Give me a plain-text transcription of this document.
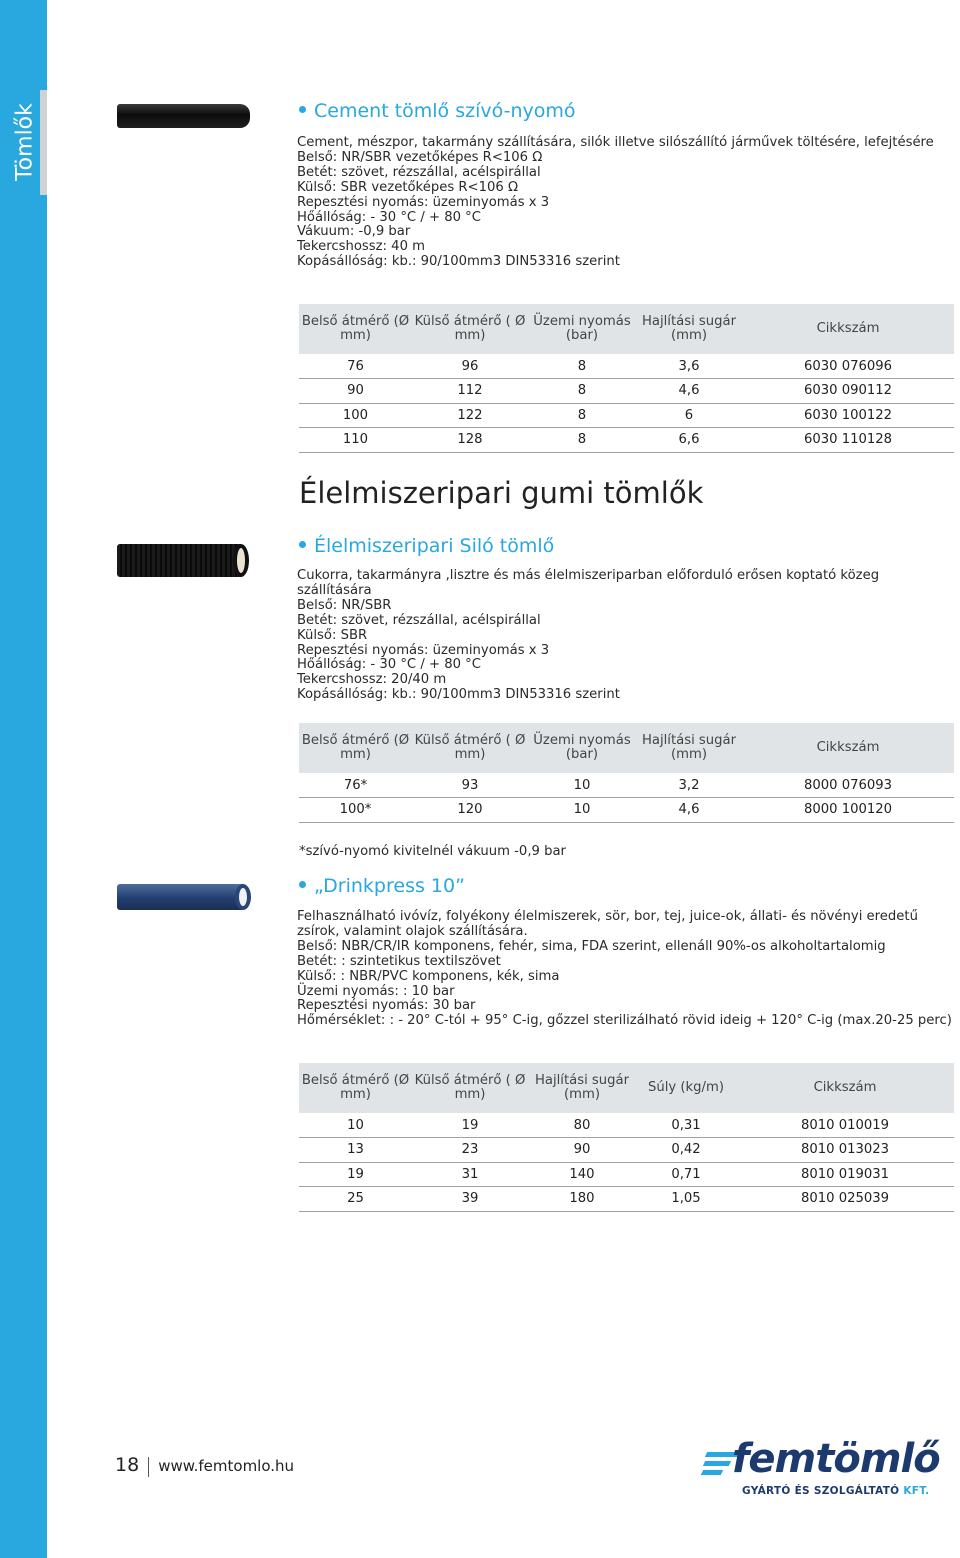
Tömlők	Cement tömlő szívó-nyomó
Cement, mészpor, takarmány szállítására, silók illetve silószállító járművek töltésére, lefejtésére
Belső: NR/SBR vezetőképes R<106 Ω
Betét: szövet, rézszállal, acélspirállal
Külső: SBR vezetőképes R<106 Ω
Repesztési nyomás: üzeminyomás x 3
Hőállóság: - 30 °C / + 80 °C
Vákuum: -0,9 bar
Tekercshossz: 40 m
Kopásállóság: kb.: 90/100mm3 DIN53316 szerint
Belső átmérő (Ø mm)	Külső átmérő ( Ø mm)	Üzemi nyomás (bar)	Hajlítási sugár (mm)	Cikkszám
76	96	8	3,6	6030 076096
90	112	8	4,6	6030 090112
100	122	8	6	6030 100122
110	128	8	6,6	6030 110128
Élelmiszeripari gumi tömlők
Élelmiszeripari Siló tömlő
Cukorra, takarmányra ,lisztre és más élelmiszeriparban előforduló erősen koptató közeg szállítására
Belső: NR/SBR
Betét: szövet, rézszállal, acélspirállal
Külső: SBR
Repesztési nyomás: üzeminyomás x 3
Hőállóság: - 30 °C / + 80 °C
Tekercshossz: 20/40 m
Kopásállóság: kb.: 90/100mm3 DIN53316 szerint
Belső átmérő (Ø mm)	Külső átmérő ( Ø mm)	Üzemi nyomás (bar)	Hajlítási sugár (mm)	Cikkszám
76*	93	10	3,2	8000 076093
100*	120	10	4,6	8000 100120
*szívó-nyomó kivitelnél vákuum -0,9 bar
„Drinkpress 10”
Felhasználható ivóvíz, folyékony élelmiszerek, sör, bor, tej, juice-ok, állati- és növényi eredetű zsírok, valamint olajok szállítására.
Belső: NBR/CR/IR komponens, fehér, sima, FDA szerint, ellenáll 90%-os alkoholtartalomig
Betét: : szintetikus textilszövet
Külső: : NBR/PVC komponens, kék, sima
Üzemi nyomás: : 10 bar
Repesztési nyomás: 30 bar
Hőmérséklet: : - 20° C-tól + 95° C-ig, gőzzel sterilizálható rövid ideig + 120° C-ig (max.20-25 perc)
Belső átmérő (Ø mm)	Külső átmérő ( Ø mm)	Hajlítási sugár (mm)	Súly (kg/m)	Cikkszám
10	19	80	0,31	8010 010019
13	23	90	0,42	8010 013023
19	31	140	0,71	8010 019031
25	39	180	1,05	8010 025039
18 www.femtomlo.hu	femtömlő
GYÁRTÓ ÉS SZOLGÁLTATÓ KFT.
